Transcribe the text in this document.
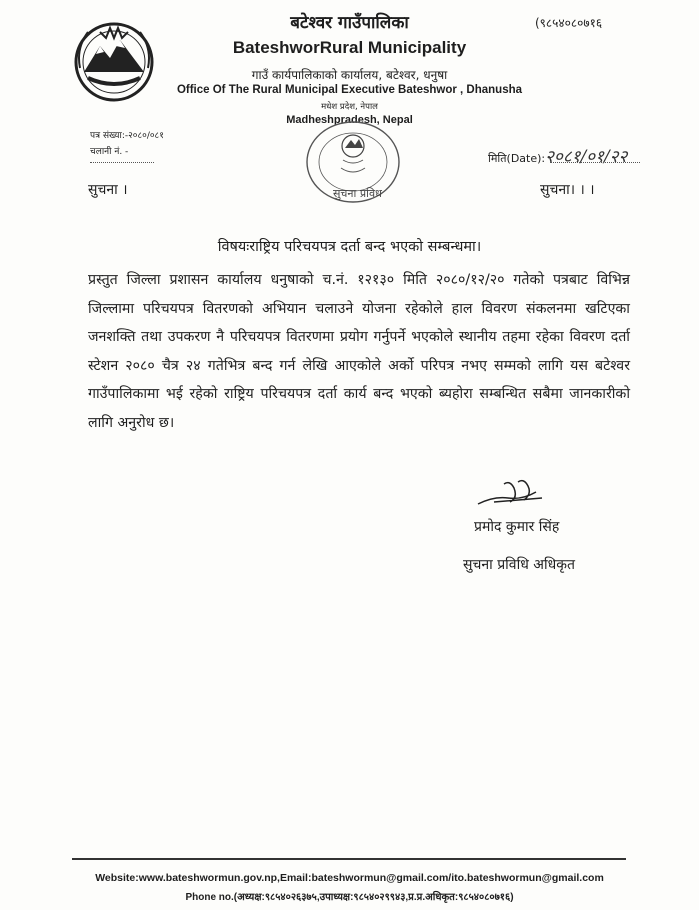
(९८५४०८०७१६
बटेश्वर गाउँपालिका
BateshworRural Municipality
गाउँ कार्यपालिकाको कार्यालय, बटेश्वर, धनुषा
Office Of The Rural Municipal Executive Bateshwor , Dhanusha
मधेश प्रदेश, नेपाल
Madheshpradesh, Nepal
पत्र संख्या:-२०८०/०८१
चलानी नं. -	मिति(Date):२०८१/०१/२२
सुचना ।	सुचना प्रविध	सुचना। । ।
विषयःराष्ट्रिय परिचयपत्र दर्ता बन्द भएको सम्बन्धमा।
प्रस्तुत जिल्ला प्रशासन कार्यालय धनुषाको च.नं. १२१३० मिति २०८०/१२/२० गतेको पत्रबाट विभिन्न जिल्लामा परिचयपत्र वितरणको अभियान चलाउने योजना रहेकोले हाल विवरण संकलनमा खटिएका जनशक्ति तथा उपकरण नै परिचयपत्र वितरणमा प्रयोग गर्नुपर्ने भएकोले स्थानीय तहमा रहेका विवरण दर्ता स्टेशन २०८० चैत्र २४ गतेभित्र बन्द गर्न लेखि आएकोले अर्को परिपत्र नभए सम्मको लागि यस बटेश्वर गाउँपालिकामा भई रहेको राष्ट्रिय परिचयपत्र दर्ता कार्य बन्द भएको ब्यहोरा सम्बन्धित सबैमा जानकारीको लागि अनुरोध छ।
प्रमोद कुमार सिंह
सुचना प्रविधि अधिकृत
Website:www.bateshwormun.gov.np,Email:bateshwormun@gmail.com/ito.bateshwormun@gmail.com
Phone no.(अध्यक्ष:९८५४०२६३७५,उपाध्यक्ष:९८५४०२९९४३,प्र.प्र.अधिकृत:९८५४०८०७१६)
